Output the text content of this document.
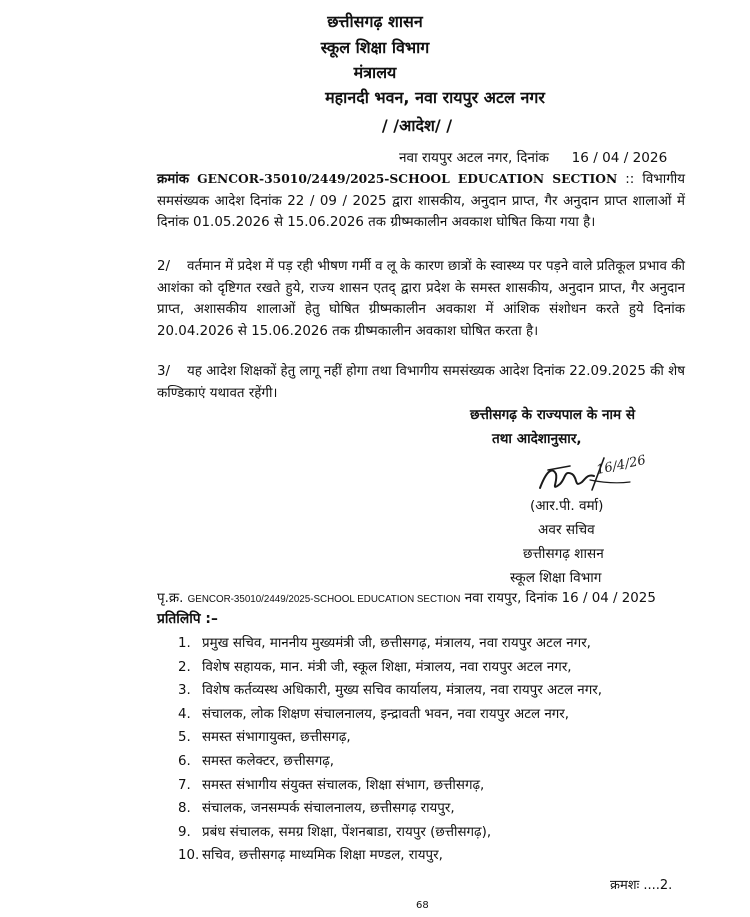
छत्तीसगढ़ शासन
स्कूल शिक्षा विभाग
मंत्रालय
महानदी भवन, नवा रायपुर अटल नगर
/ /आदेश/ /
नवा रायपुर अटल नगर, दिनांक 16 / 04 / 2026
क्रमांक GENCOR-35010/2449/2025-SCHOOL EDUCATION SECTION :: विभागीय समसंख्यक आदेश दिनांक 22 / 09 / 2025 द्वारा शासकीय, अनुदान प्राप्त, गैर अनुदान प्राप्त शालाओं में दिनांक 01.05.2026 से 15.06.2026 तक ग्रीष्मकालीन अवकाश घोषित किया गया है।
2/ वर्तमान में प्रदेश में पड़ रही भीषण गर्मी व लू के कारण छात्रों के स्वास्थ्य पर पड़ने वाले प्रतिकूल प्रभाव की आशंका को दृष्टिगत रखते हुये, राज्य शासन एतद् द्वारा प्रदेश के समस्त शासकीय, अनुदान प्राप्त, गैर अनुदान प्राप्त, अशासकीय शालाओं हेतु घोषित ग्रीष्मकालीन अवकाश में आंशिक संशोधन करते हुये दिनांक 20.04.2026 से 15.06.2026 तक ग्रीष्मकालीन अवकाश घोषित करता है।
3/ यह आदेश शिक्षकों हेतु लागू नहीं होगा तथा विभागीय समसंख्यक आदेश दिनांक 22.09.2025 की शेष कण्डिकाएं यथावत रहेंगी।
छत्तीसगढ़ के राज्यपाल के नाम से
तथा आदेशानुसार,
16/4/26
(आर.पी. वर्मा)
अवर सचिव
छत्तीसगढ़ शासन
स्कूल शिक्षा विभाग
पृ.क्र. GENCOR-35010/2449/2025-SCHOOL EDUCATION SECTION नवा रायपुर, दिनांक 16 / 04 / 2025
प्रतिलिपि :–
1. प्रमुख सचिव, माननीय मुख्यमंत्री जी, छत्तीसगढ़, मंत्रालय, नवा रायपुर अटल नगर,
2. विशेष सहायक, मान. मंत्री जी, स्कूल शिक्षा, मंत्रालय, नवा रायपुर अटल नगर,
3. विशेष कर्तव्यस्थ अधिकारी, मुख्य सचिव कार्यालय, मंत्रालय, नवा रायपुर अटल नगर,
4. संचालक, लोक शिक्षण संचालनालय, इन्द्रावती भवन, नवा रायपुर अटल नगर,
5. समस्त संभागायुक्त, छत्तीसगढ़,
6. समस्त कलेक्टर, छत्तीसगढ़,
7. समस्त संभागीय संयुक्त संचालक, शिक्षा संभाग, छत्तीसगढ़,
8. संचालक, जनसम्पर्क संचालनालय, छत्तीसगढ़ रायपुर,
9. प्रबंध संचालक, समग्र शिक्षा, पेंशनबाडा, रायपुर (छत्तीसगढ़),
10. सचिव, छत्तीसगढ़ माध्यमिक शिक्षा मण्डल, रायपुर,
क्रमशः ....2.
68
